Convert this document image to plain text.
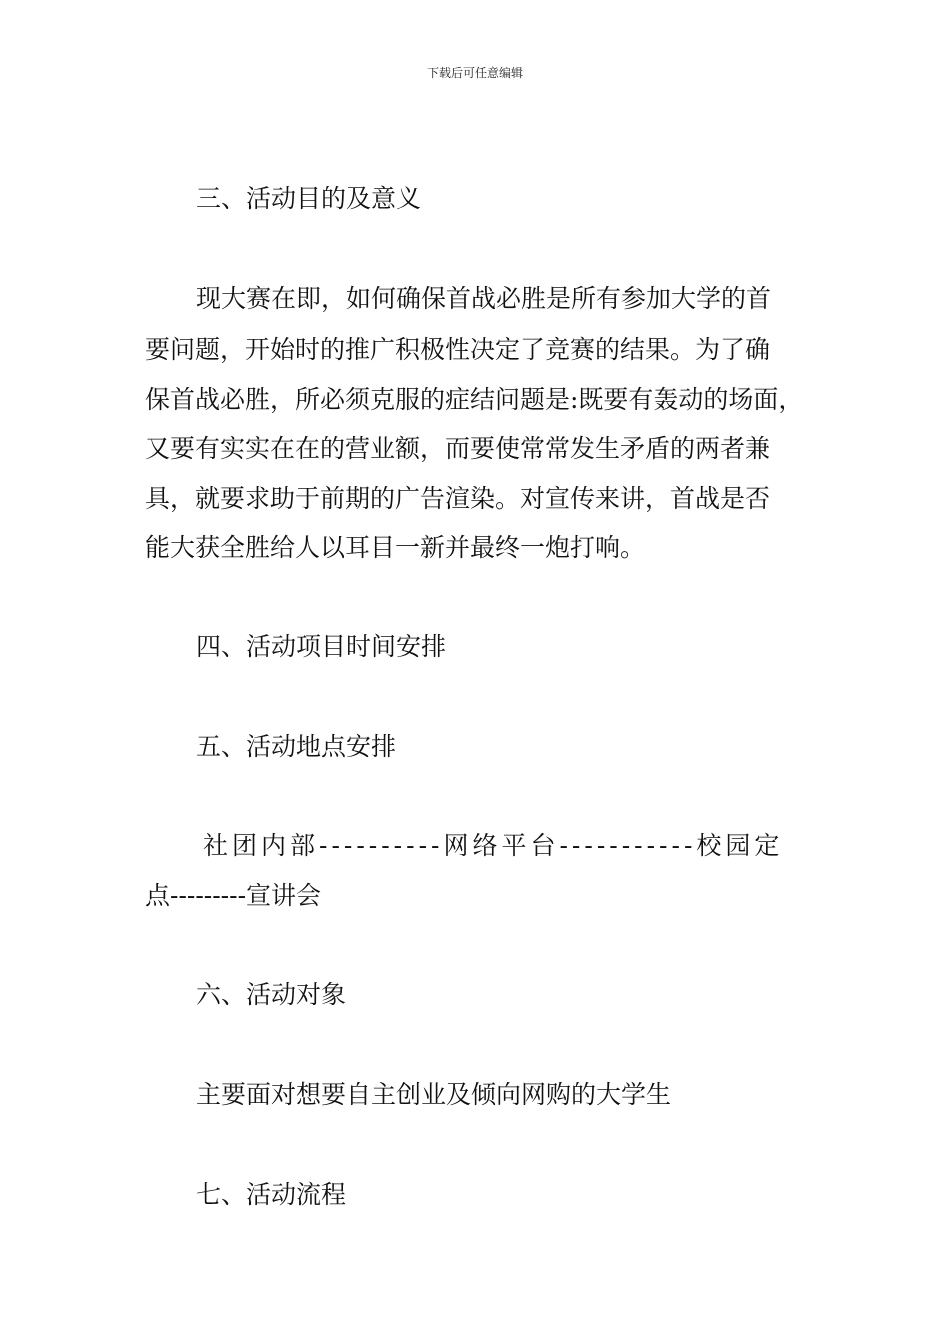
下载后可任意编辑
三、活动目的及意义
现大赛在即，如何确保首战必胜是所有参加大学的首
要问题，开始时的推广积极性决定了竞赛的结果。为了确
保首战必胜，所必须克服的症结问题是:既要有轰动的场面，
又要有实实在在的营业额，而要使常常发生矛盾的两者兼
具，就要求助于前期的广告渲染。对宣传来讲，首战是否
能大获全胜给人以耳目一新并最终一炮打响。
四、活动项目时间安排
五、活动地点安排
社团内部----------网络平台-----------校园定
点---------宣讲会
六、活动对象
主要面对想要自主创业及倾向网购的大学生
七、活动流程
